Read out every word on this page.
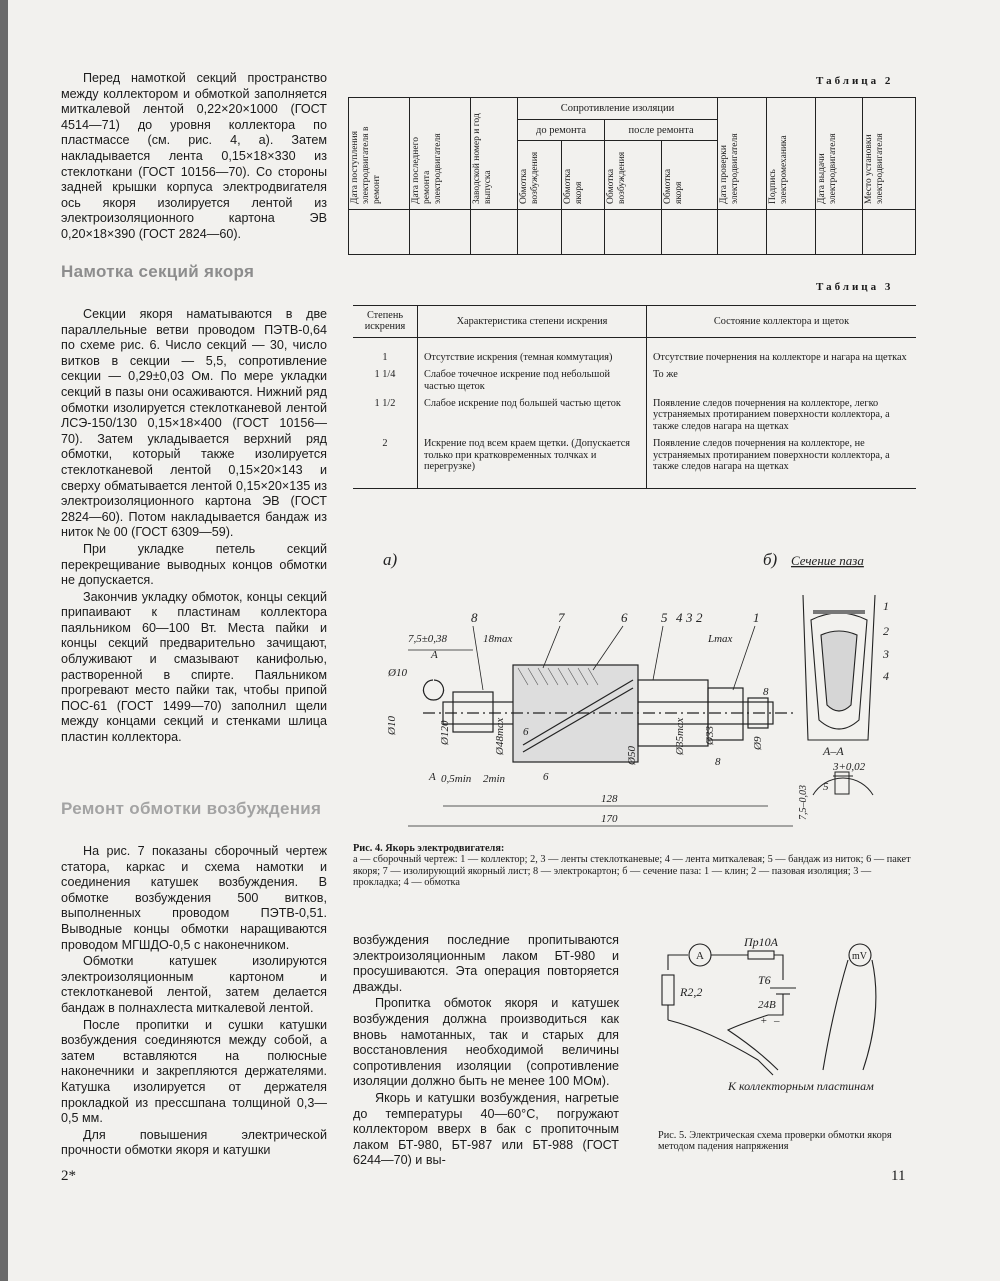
Перед намоткой секций пространство между коллектором и обмоткой заполняется миткалевой лентой 0,22×20×1000 (ГОСТ 4514—71) до уровня коллектора по пластмассе (см. рис. 4, а). Затем накладывается лента 0,15×18×330 из стеклоткани (ГОСТ 10156—70). Со стороны задней крышки корпуса электродвигателя ось якоря изолируется лентой из электроизоляционного картона ЭВ 0,20×18×390 (ГОСТ 2824—60).

Намотка секций якоря

Секции якоря наматываются в две параллельные ветви проводом ПЭТВ-0,64 по схеме рис. 6. Число секций — 30, число витков в секции — 5,5, сопротивление секции — 0,29±0,03 Ом. По мере укладки секций в пазы они осаживаются. Нижний ряд обмотки изолируется стеклотканевой лентой ЛСЭ-150/130 0,15×18×400 (ГОСТ 10156—70). Затем укладывается верхний ряд обмотки, который также изолируется стеклотканевой лентой 0,15×20×143 и сверху обматывается лентой 0,15×20×135 из электроизоляционного картона ЭВ (ГОСТ 2824—60). Потом накладывается бандаж из ниток № 00 (ГОСТ 6309—59).

При укладке петель секций перекрещивание выводных концов обмотки не допускается.

Закончив укладку обмоток, концы секций припаивают к пластинам коллектора паяльником 60—100 Вт. Места пайки и концы секций предварительно зачищают, облуживают и смазывают канифолью, растворенной в спирте. Паяльником прогревают место пайки так, чтобы припой ПОС-61 (ГОСТ 1499—70) заполнил щели между концами секций и стенками шлица пластин коллектора.

Ремонт обмотки возбуждения

На рис. 7 показаны сборочный чертеж статора, каркас и схема намотки и соединения катушек возбуждения. В обмотке возбуждения 500 витков, выполненных проводом ПЭТВ-0,51. Выводные концы обмотки наращиваются проводом МГШДО-0,5 с наконечником.

Обмотки катушек изолируются электроизоляционным картоном и стеклотканевой лентой, затем делается бандаж в полнахлеста миткалевой лентой.

После пропитки и сушки катушки возбуждения соединяются между собой, а затем вставляются на полюсные наконечники и закрепляются держателями. Катушка изолируется от держателя прокладкой из прессшпана толщиной 0,3—0,5 мм.

Для повышения электрической прочности обмотки якоря и катушки

Таблица 2
Дата поступления электродвигателя в ремонт	Дата последнего ремонта электродвигателя	Заводской номер и год выпуска	Сопротивление изоляции				Дата проверки электродвигателя	Подпись электромеханика	Дата выдачи электродвигателя	Место установки электродвигателя

			до ремонта		после ремонта					

			Обмотка возбуждения	Обмотка якоря	Обмотка возбуждения	Обмотка якоря				

Таблица 3
Степень искрения	Характеристика степени искрения	Состояние коллектора и щеток
1	Отсутствие искрения (темная коммутация)	Отсутствие почернения на коллекторе и нагара на щетках
1 1/4	Слабое точечное искрение под небольшой частью щеток	То же
1 1/2	Слабое искрение под большей частью щеток	Появление следов почернения на коллекторе, легко устраняемых протиранием поверхности коллектора, а также следов нагара на щетках
2	Искрение под всем краем щетки. (Допускается только при кратковременных толчках и перегрузке)	Появление следов почернения на коллекторе, не устраняемых протиранием поверхности коллектора, а также следов нагара на щетках
а)	б) Сечение паза
8	7	6	5 4 3 2	1
7,5±0,38	18max	Lmax
A
Ø10
8
Ø10	Ø120	Ø48max
Ø50
Ø35max Ø33	Ø9
8
A 0,5min 2min	6
6
128
170
1
2
3
4
А–А
3+0,02
5
7,5–0,03
Рис. 4. Якорь электродвигателя:
а — сборочный чертеж: 1 — коллектор; 2, 3 — ленты стеклотканевые; 4 — лента миткалевая; 5 — бандаж из ниток; 6 — пакет якоря; 7 — изолирующий якорный лист; 8 — электрокартон; б — сечение паза: 1 — клин; 2 — пазовая изоляция; 3 — прокладка; 4 — обмотка

возбуждения последние пропитываются электроизоляционным лаком БТ-980 и просушиваются. Эта операция повторяется дважды.

Пропитка обмоток якоря и катушек возбуждения должна производиться как вновь намотанных, так и старых для восстановления необходимой величины сопротивления изоляции (сопротивление изоляции должно быть не менее 100 МОм).

Якорь и катушки возбуждения, нагретые до температуры 40—60°С, погружают коллектором вверх в бак с пропиточным лаком БТ-980, БТ-987 или БТ-988 (ГОСТ 6244—70) и вы-

A
Пр10А
R2,2
Т6
24В
+ –
mV
К коллекторным пластинам
Рис. 5. Электрическая схема проверки обмотки якоря методом падения напряжения
2*	11
